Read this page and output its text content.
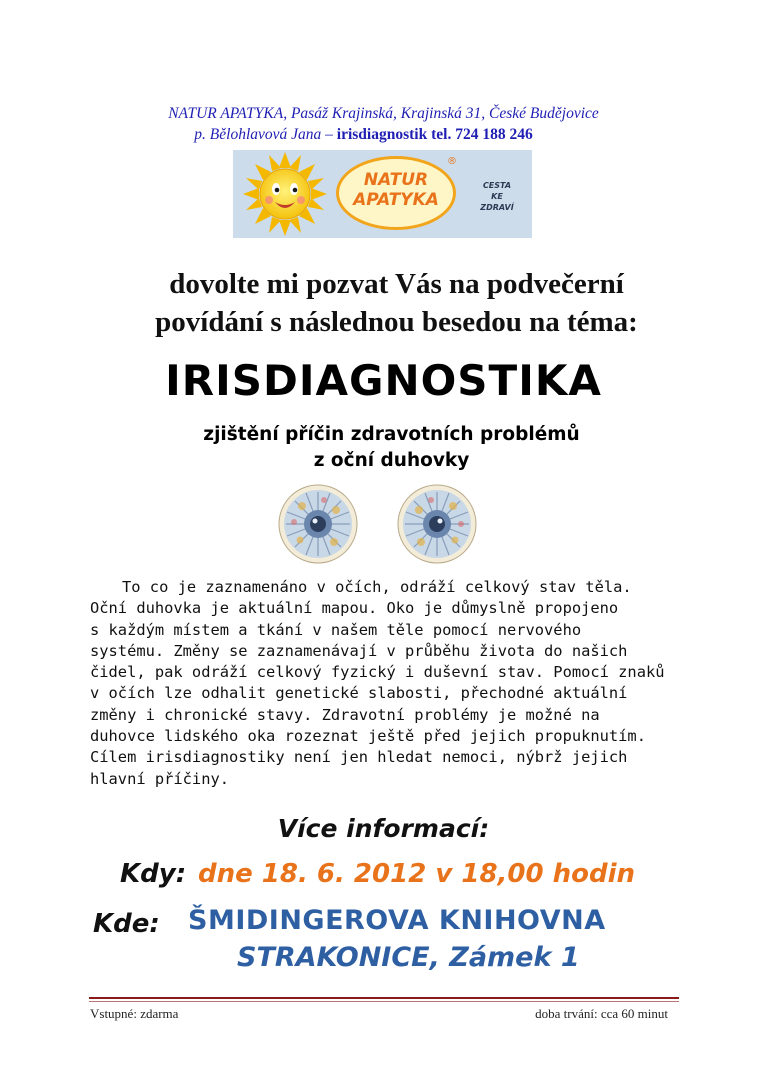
NATUR APATYKA, Pasáž Krajinská, Krajinská 31, České Budějovice
p. Bělohlavová Jana – irisdiagnostik tel. 724 188 246
NATUR
APATYKA
®
CESTA
KE
ZDRAVÍ
dovolte mi pozvat Vás na podvečerní
povídání s následnou besedou na téma:
IRISDIAGNOSTIKA
zjištění příčin zdravotních problémů
z oční duhovky

To co je zaznamenáno v očích, odráží celkový stav těla.

Oční duhovka je aktuální mapou. Oko je důmyslně propojeno

s každým místem a tkání v našem těle pomocí nervového

systému. Změny se zaznamenávají v průběhu života do našich

čidel, pak odráží celkový fyzický i duševní stav. Pomocí znaků

v očích lze odhalit genetické slabosti, přechodné aktuální

změny i chronické stavy. Zdravotní problémy je možné na

duhovce lidského oka rozeznat ještě před jejich propuknutím.

Cílem irisdiagnostiky není jen hledat nemoci, nýbrž jejich

hlavní příčiny.

Více informací:
Kdy: dne 18. 6. 2012 v 18,00 hodin
Kde: ŠMIDINGEROVA KNIHOVNA
STRAKONICE, Zámek 1
Vstupné: zdarma	doba trvání: cca 60 minut
